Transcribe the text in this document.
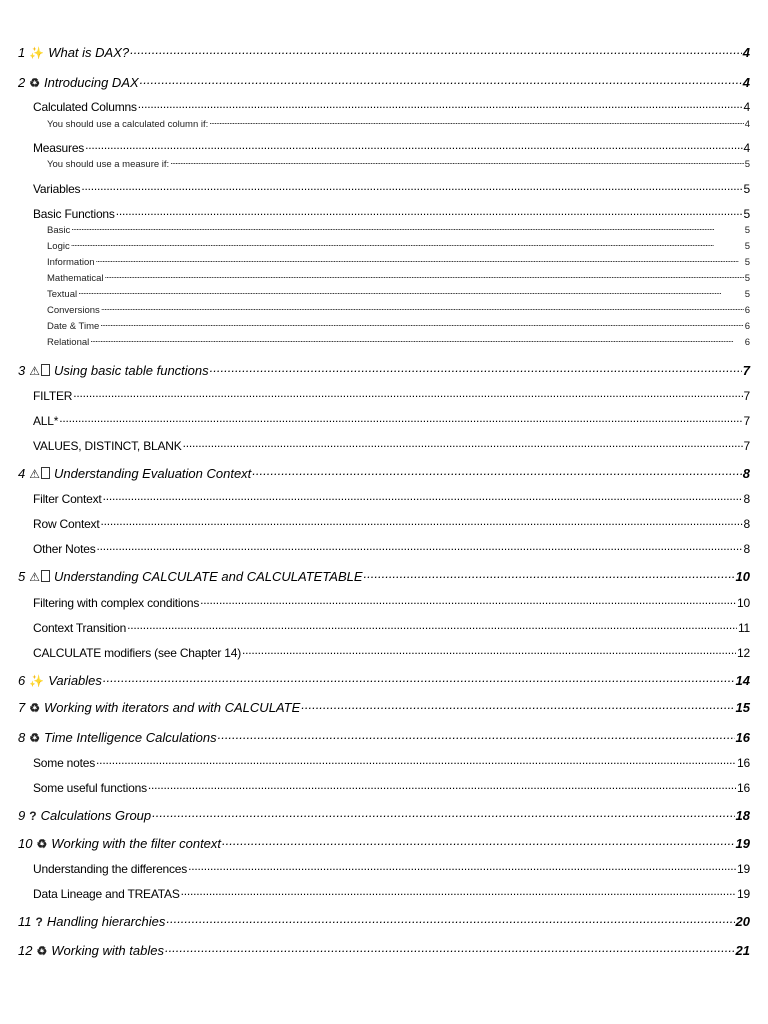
1 ✨ What is DAX? .....	4
2 ♻ Introducing DAX .....	4
Calculated Columns .....	4
You should use a calculated column if: .....	4
Measures .....	4
You should use a measure if: .....	5
Variables .....	5
Basic Functions .....	5
Basic .....	5
Logic .....	5
Information .....	5
Mathematical .....	5
Textual .....	5
Conversions .....	6
Date & Time .....	6
Relational .....	6
3 ⚠	Using basic table functions .....	7
FILTER .....	7
ALL* .....	7
VALUES, DISTINCT, BLANK .....	7
4 ⚠	Understanding Evaluation Context .....	8
Filter Context .....	8
Row Context .....	8
Other Notes .....	8
5 ⚠	Understanding CALCULATE and CALCULATETABLE .....	10
Filtering with complex conditions .....	10
Context Transition .....	11
CALCULATE modifiers (see Chapter 14) .....	12
6 ✨ Variables .....	14
7 ♻ Working with iterators and with CALCULATE .....	15
8 ♻ Time Intelligence Calculations .....	16
Some notes .....	16
Some useful functions .....	16
9 ? Calculations Group .....	18
10 ♻ Working with the filter context .....	19
Understanding the differences .....	19
Data Lineage and TREATAS .....	19
11 ? Handling hierarchies .....	20
12 ♻ Working with tables .....	21
